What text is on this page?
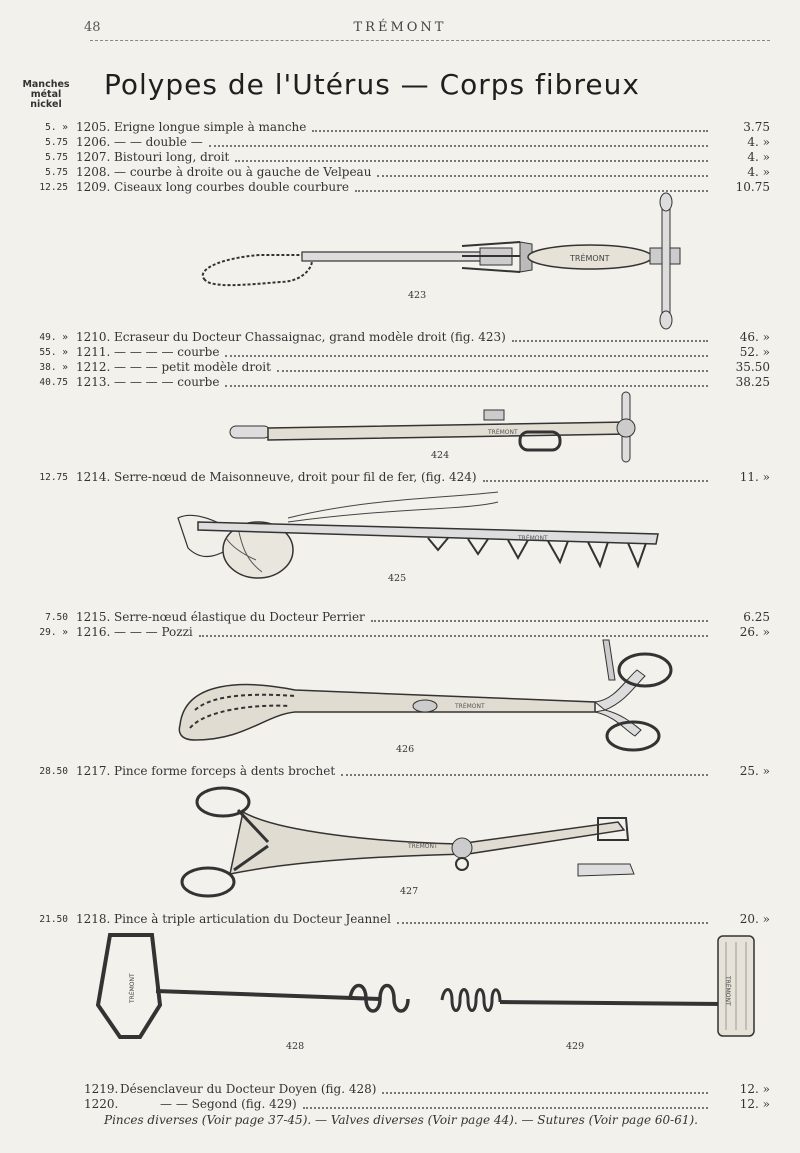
48	TRÉMONT
Manches
métal
nickel
Polypes de l'Utérus — Corps fibreux
5. » 1205. Erigne longue simple à manche	3.75
5.75 1206. — — double —	4. »
5.75 1207. Bistouri long, droit	4. »
5.75 1208. — courbe à droite ou à gauche de Velpeau	4. »
12.25 1209. Ciseaux long courbes double courbure	10.75
49. » 1210. Ecraseur du Docteur Chassaignac, grand modèle droit (fig. 423)	46. »
55. » 1211. — — — — courbe	52. »
38. » 1212. — — — petit modèle droit	35.50
40.75 1213. — — — — courbe	38.25
12.75 1214. Serre-nœud de Maisonneuve, droit pour fil de fer, (fig. 424)	11. »
7.50 1215. Serre-nœud élastique du Docteur Perrier	6.25
29. » 1216. — — — Pozzi	26. »
28.50 1217. Pince forme forceps à dents brochet	25. »
21.50 1218. Pince à triple articulation du Docteur Jeannel	20. »
1219. Désenclaveur du Docteur Doyen (fig. 428)	12. »
1220.	— — Segond (fig. 429)	12. »
TRÉMONT
423
TRÉMONT
424
TRÉMONT
425
TRÉMONT
426
TRÉMONT
427
TRÉMONT
428
TRÉMONT
429
Pinces diverses (Voir page 37-45). — Valves diverses (Voir page 44). — Sutures (Voir page 60-61).
